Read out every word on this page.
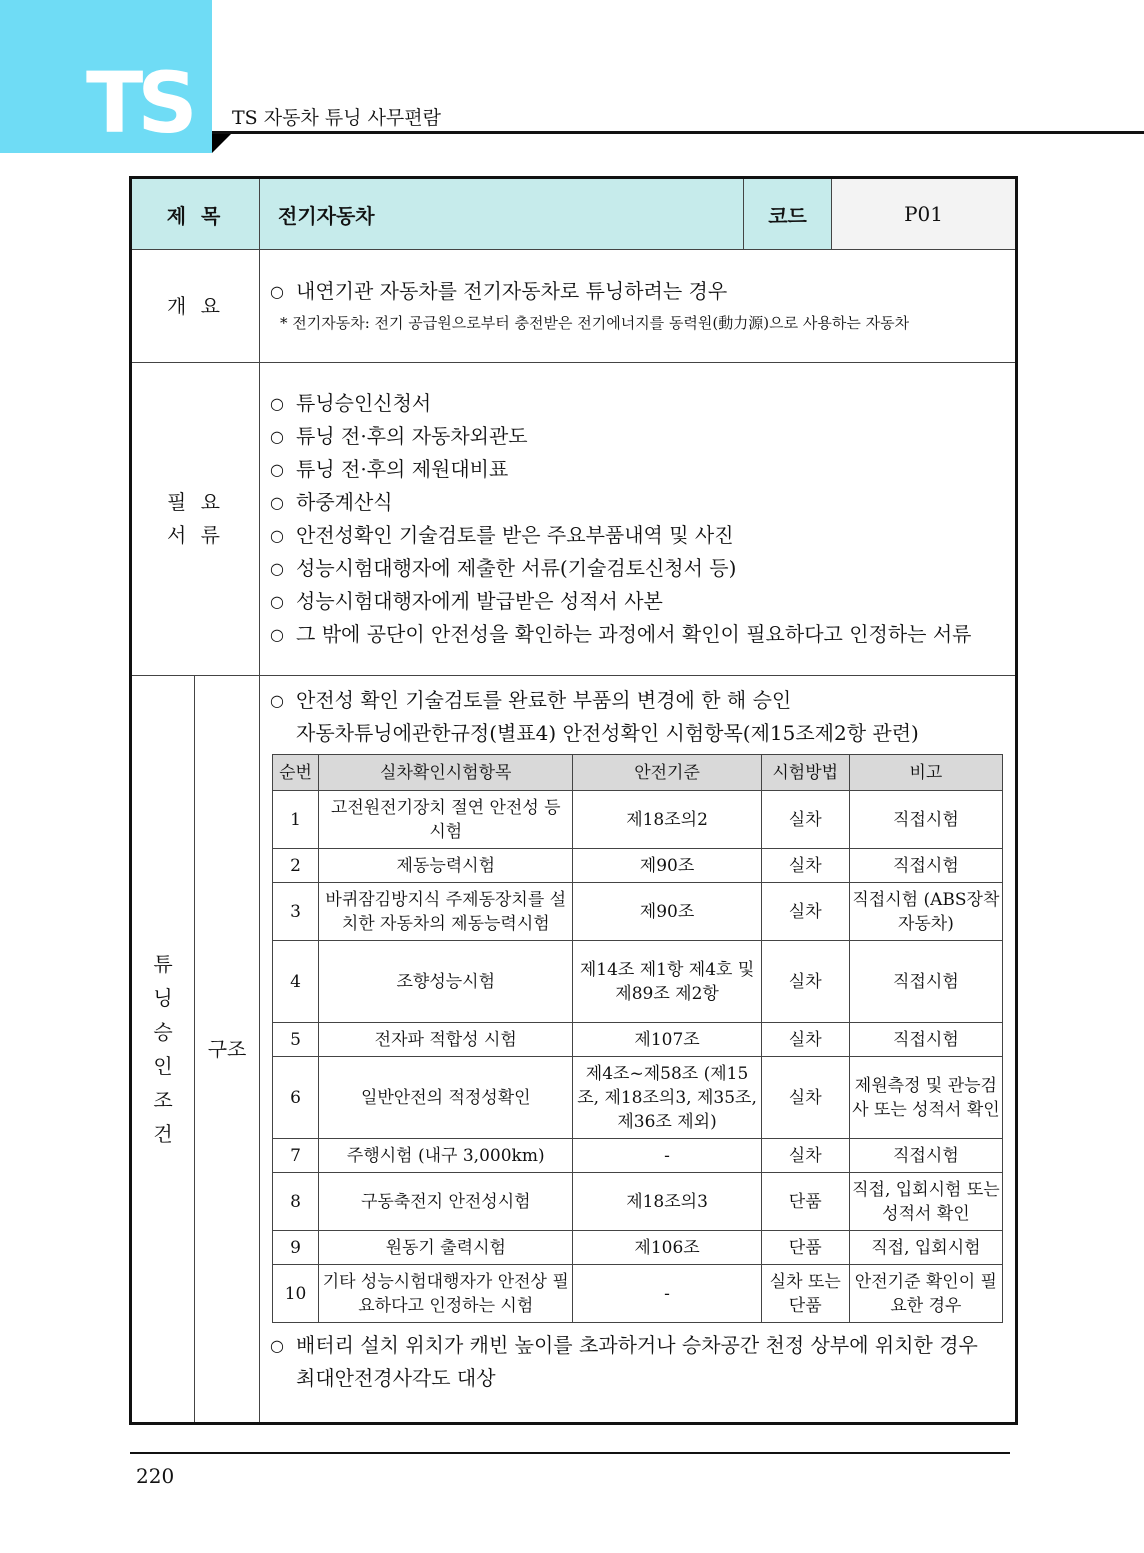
TS TS 자동차 튜닝 사무편람
제 목	전기자동차	코드	P01
개 요	
○ 내연기관 자동차를 전기자동차로 튜닝하려는 경우
* 전기자동차: 전기 공급원으로부터 충전받은 전기에너지를 동력원(動力源)으로 사용하는 자동차

필 요
서 류

○ 튜닝승인신청서
○ 튜닝 전·후의 자동차외관도
○ 튜닝 전·후의 제원대비표
○ 하중계산식
○ 안전성확인 기술검토를 받은 주요부품내역 및 사진
○ 성능시험대행자에 제출한 서류(기술검토신청서 등)
○ 성능시험대행자에게 발급받은 성적서 사본
○ 그 밖에 공단이 안전성을 확인하는 과정에서 확인이 필요하다고 인정하는 서류

튜
닝
승
인
조
건
	구조	
○ 안전성 확인 기술검토를 완료한 부품의 변경에 한 해 승인
자동차튜닝에관한규정(별표4) 안전성확인 시험항목(제15조제2항 관련)
순번	실차확인시험항목	안전기준	시험방법	비고
1	고전원전기장치 절연 안전성 등 시험	제18조의2	실차	직접시험
2	제동능력시험	제90조	실차	직접시험
3	바퀴잠김방지식 주제동장치를 설치한 자동차의 제동능력시험	제90조	실차	직접시험 (ABS장착 자동차)
4	조향성능시험	제14조 제1항 제4호 및 제89조 제2항	실차	직접시험
5	전자파 적합성 시험	제107조	실차	직접시험
6	일반안전의 적정성확인	제4조~제58조 (제15조, 제18조의3, 제35조, 제36조 제외)	실차	제원측정 및 관능검사 또는 성적서 확인
7	주행시험 (내구 3,000km)	-	실차	직접시험
8	구동축전지 안전성시험	제18조의3	단품	직접, 입회시험 또는 성적서 확인
9	원동기 출력시험	제106조	단품	직접, 입회시험
10	기타 성능시험대행자가 안전상 필요하다고 인정하는 시험	-	실차 또는 단품	안전기준 확인이 필요한 경우
○ 배터리 설치 위치가 캐빈 높이를 초과하거나 승차공간 천정 상부에 위치한 경우
최대안전경사각도 대상
220
